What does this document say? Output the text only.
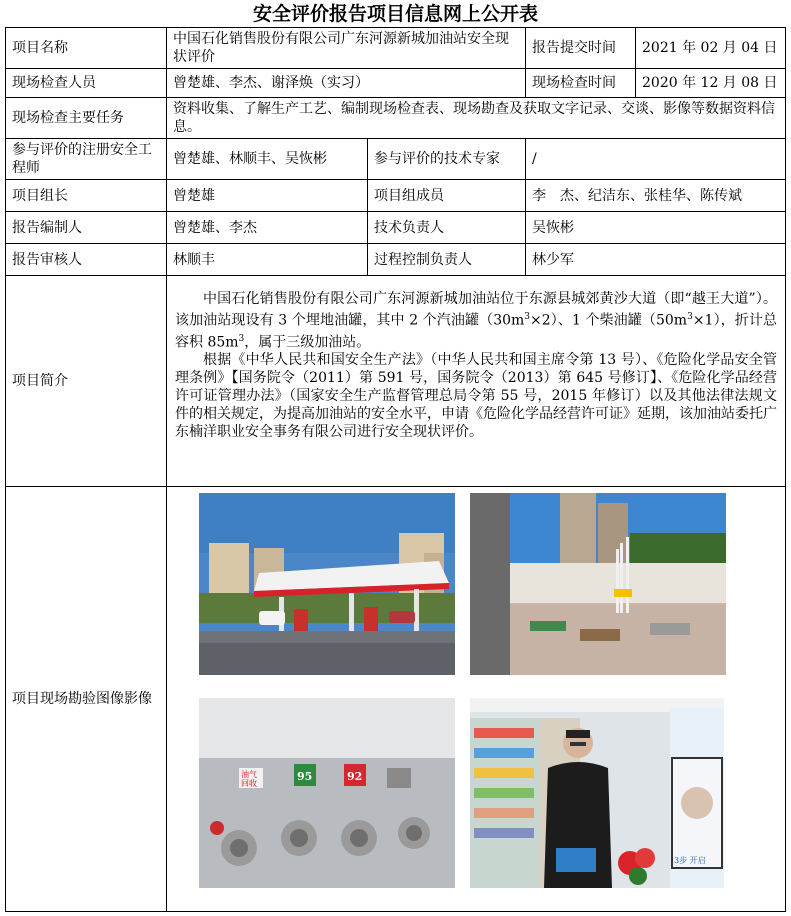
安全评价报告项目信息网上公开表
项目名称	中国石化销售股份有限公司广东河源新城加油站安全现状评价		报告提交时间	2021 年 02 月 04 日
现场检查人员	曾楚雄、李杰、谢泽焕（实习）		现场检查时间	2020 年 12 月 08 日
现场检查主要任务	资料收集、了解生产工艺、编制现场检查表、现场勘查及获取文字记录、交谈、影像等数据资料信息。			
参与评价的注册安全工程师	曾楚雄、林顺丰、吴恢彬	参与评价的技术专家	/	
项目组长	曾楚雄	项目组成员	李　杰、纪洁东、张桂华、陈传斌	
报告编制人	曾楚雄、李杰	技术负责人	吴恢彬	
报告审核人	林顺丰	过程控制负责人	林少军	
项目简介	中国石化销售股份有限公司广东河源新城加油站位于东源县城郊黄沙大道（即“越王大道”）。该加油站现设有 3 个埋地油罐，其中 2 个汽油罐$(30m^3\times 2)$、1 个柴油罐$(50m^3\times 1)$，折计总容积 $85m^3$，属于三级加油站。

根据《中华人民共和国安全生产法》（中华人民共和国主席令第 13 号）、《危险化学品安全管理条例》【国务院令（2011）第 591 号，国务院令（2013）第 645 号修订】、《危险化学品经营许可证管理办法》（国家安全生产监督管理总局令第 55 号，2015 年修订）以及其他法律法规文件的相关规定，为提高加油站的安全水平，申请《危险化学品经营许可证》延期，该加油站委托广东楠洋职业安全事务有限公司进行安全现状评价。			

项目现场勘验图像影像	油气
回收
95 92
3步 开启			
